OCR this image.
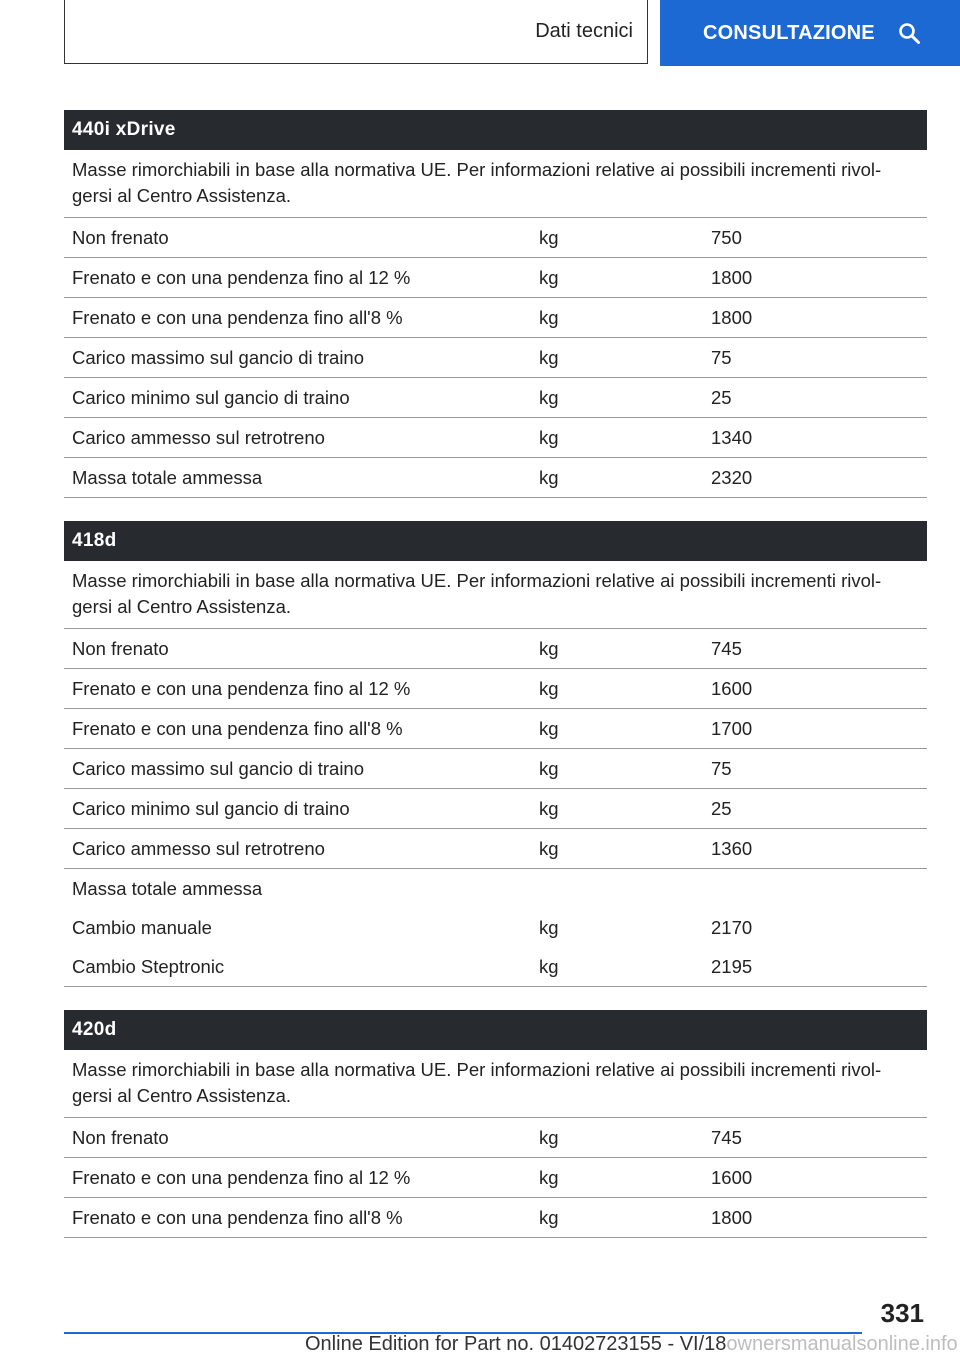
Dati tecnici	CONSULTAZIONE
440i xDrive
Masse rimorchiabili in base alla normativa UE. Per informazioni relative ai possibili incrementi rivol-gersi al Centro Assistenza.
Non frenato	kg	750
Frenato e con una pendenza fino al 12 %	kg	1800
Frenato e con una pendenza fino all'8 %	kg	1800
Carico massimo sul gancio di traino	kg	75
Carico minimo sul gancio di traino	kg	25
Carico ammesso sul retrotreno	kg	1340
Massa totale ammessa	kg	2320
418d
Masse rimorchiabili in base alla normativa UE. Per informazioni relative ai possibili incrementi rivol-gersi al Centro Assistenza.
Non frenato	kg	745
Frenato e con una pendenza fino al 12 %	kg	1600
Frenato e con una pendenza fino all'8 %	kg	1700
Carico massimo sul gancio di traino	kg	75
Carico minimo sul gancio di traino	kg	25
Carico ammesso sul retrotreno	kg	1360
Massa totale ammessa
Cambio manuale	kg	2170
Cambio Steptronic	kg	2195
420d
Masse rimorchiabili in base alla normativa UE. Per informazioni relative ai possibili incrementi rivol-gersi al Centro Assistenza.
Non frenato	kg	745
Frenato e con una pendenza fino al 12 %	kg	1600
Frenato e con una pendenza fino all'8 %	kg	1800
331
Online Edition for Part no. 01402723155 - VI/18ownersmanualsonline.info
